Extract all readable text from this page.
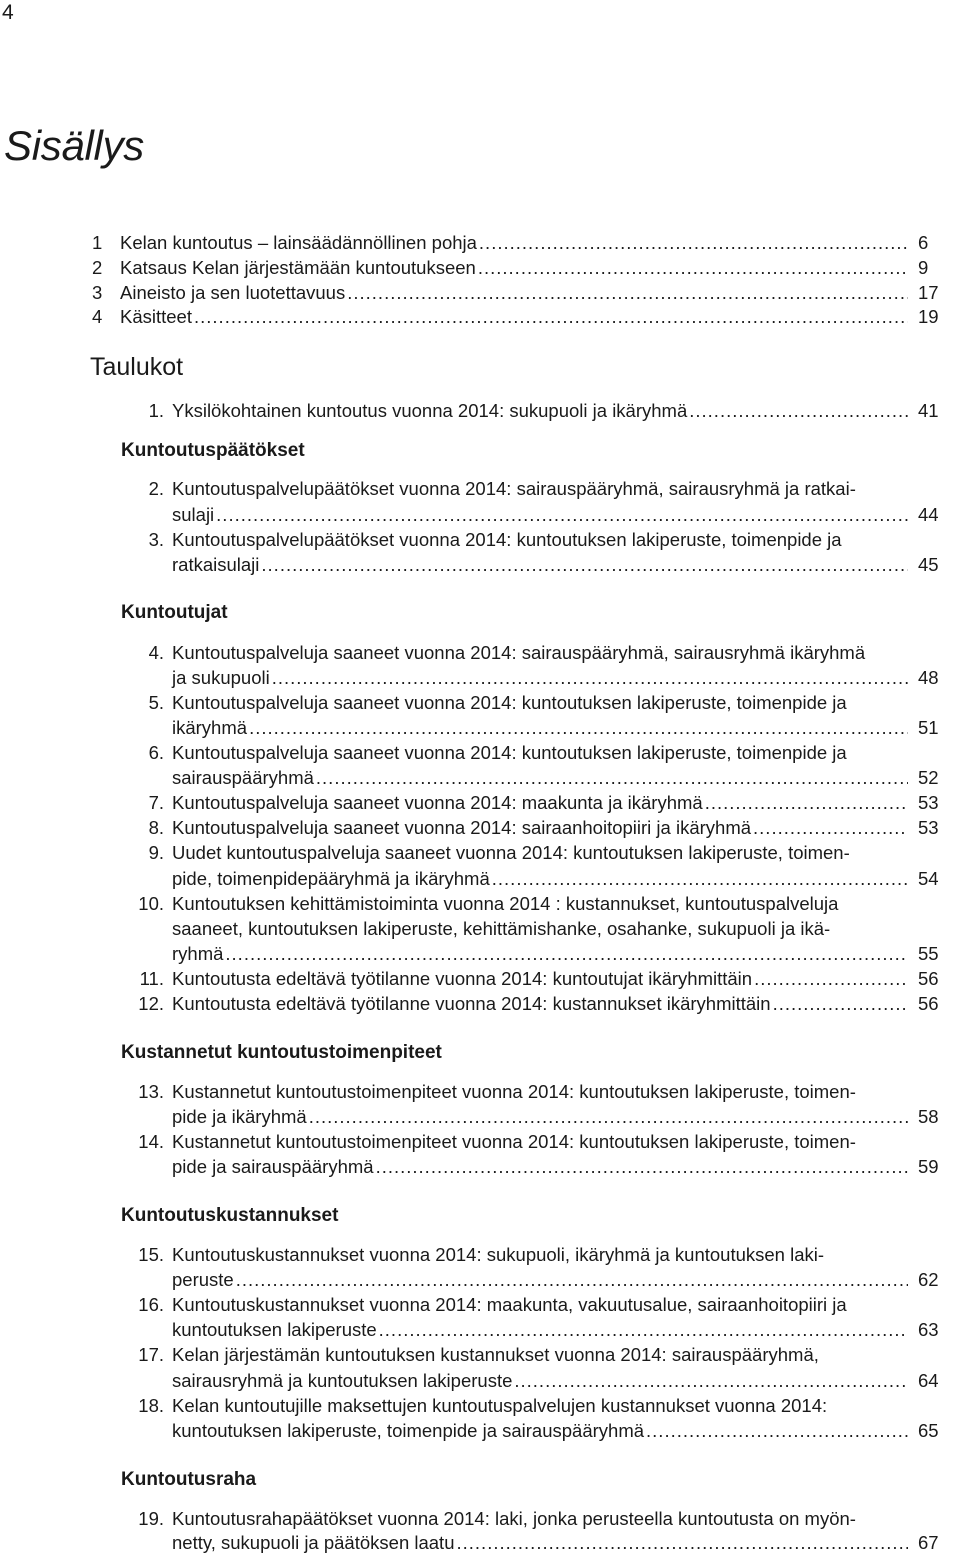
4
Sisällys
1 Kelan kuntoutus – lainsäädännöllinen pohja .....	6
2 Katsaus Kelan järjestämään kuntoutukseen .....	9
3 Aineisto ja sen luotettavuus .....	17
4 Käsitteet .....	19
Taulukot
1. Yksilökohtainen kuntoutus vuonna 2014: sukupuoli ja ikäryhmä .....	41
Kuntoutuspäätökset
2. Kuntoutuspalvelupäätökset vuonna 2014: sairauspääryhmä, sairausryhmä ja ratkai-
sulaji .....	44
3. Kuntoutuspalvelupäätökset vuonna 2014: kuntoutuksen lakiperuste, toimenpide ja
ratkaisulaji .....	45
Kuntoutujat
4. Kuntoutuspalveluja saaneet vuonna 2014: sairauspääryhmä, sairausryhmä ikäryhmä
ja sukupuoli .....	48
5. Kuntoutuspalveluja saaneet vuonna 2014: kuntoutuksen lakiperuste, toimenpide ja
ikäryhmä .....	51
6. Kuntoutuspalveluja saaneet vuonna 2014: kuntoutuksen lakiperuste, toimenpide ja
sairauspääryhmä .....	52
7. Kuntoutuspalveluja saaneet vuonna 2014: maakunta ja ikäryhmä .....	53
8. Kuntoutuspalveluja saaneet vuonna 2014: sairaanhoitopiiri ja ikäryhmä .....	53
9. Uudet kuntoutuspalveluja saaneet vuonna 2014: kuntoutuksen lakiperuste, toimen-
pide, toimenpidepääryhmä ja ikäryhmä .....	54
10. Kuntoutuksen kehittämistoiminta vuonna 2014 : kustannukset, kuntoutuspalveluja
saaneet, kuntoutuksen lakiperuste, kehittämishanke, osahanke, sukupuoli ja ikä-
ryhmä .....	55
11. Kuntoutusta edeltävä työtilanne vuonna 2014: kuntoutujat ikäryhmittäin .....	56
12. Kuntoutusta edeltävä työtilanne vuonna 2014: kustannukset ikäryhmittäin .....	56
Kustannetut kuntoutustoimenpiteet
13. Kustannetut kuntoutustoimenpiteet vuonna 2014: kuntoutuksen lakiperuste, toimen-
pide ja ikäryhmä .....	58
14. Kustannetut kuntoutustoimenpiteet vuonna 2014: kuntoutuksen lakiperuste, toimen-
pide ja sairauspääryhmä .....	59
Kuntoutuskustannukset
15. Kuntoutuskustannukset vuonna 2014: sukupuoli, ikäryhmä ja kuntoutuksen laki-
peruste .....	62
16. Kuntoutuskustannukset vuonna 2014: maakunta, vakuutusalue, sairaanhoitopiiri ja
kuntoutuksen lakiperuste .....	63
17. Kelan järjestämän kuntoutuksen kustannukset vuonna 2014: sairauspääryhmä,
sairausryhmä ja kuntoutuksen lakiperuste .....	64
18. Kelan kuntoutujille maksettujen kuntoutuspalvelujen kustannukset vuonna 2014:
kuntoutuksen lakiperuste, toimenpide ja sairauspääryhmä .....	65
Kuntoutusraha
19. Kuntoutusrahapäätökset vuonna 2014: laki, jonka perusteella kuntoutusta on myön-
netty, sukupuoli ja päätöksen laatu .....	67
